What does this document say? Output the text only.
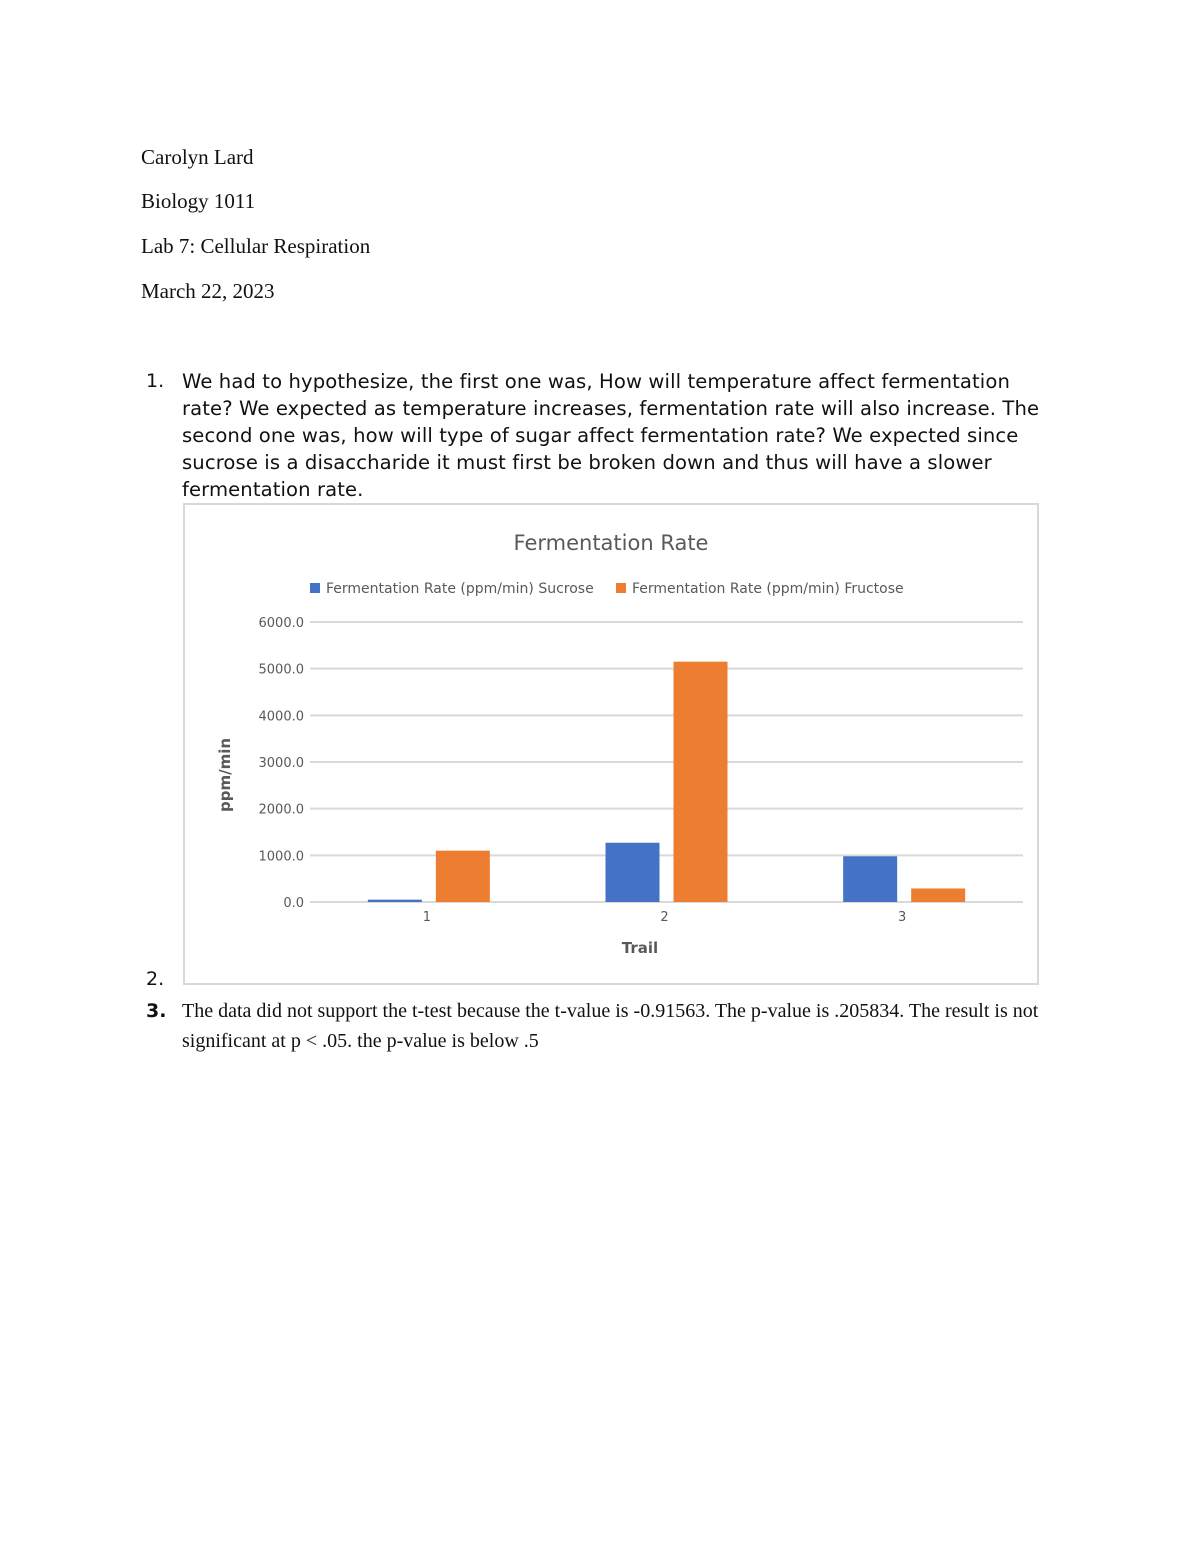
Carolyn Lard
Biology 1011
Lab 7: Cellular Respiration
March 22, 2023
1. We had to hypothesize, the first one was, How will temperature affect fermentation rate? We expected as temperature increases, fermentation rate will also increase. The second one was, how will type of sugar affect fermentation rate? We expected since sucrose is a disaccharide it must first be broken down and thus will have a slower fermentation rate.
Fermentation Rate
Fermentation Rate (ppm/min) Sucrose	Fermentation Rate (ppm/min) Fructose
0.0
1000.0
2000.0
3000.0
4000.0
5000.0
6000.0
1	2	3
Trail
ppm/min
2.
3. The data did not support the t-test because the t-value is -0.91563. The p-value is .205834. The result is not significant at p < .05. the p-value is below .5
